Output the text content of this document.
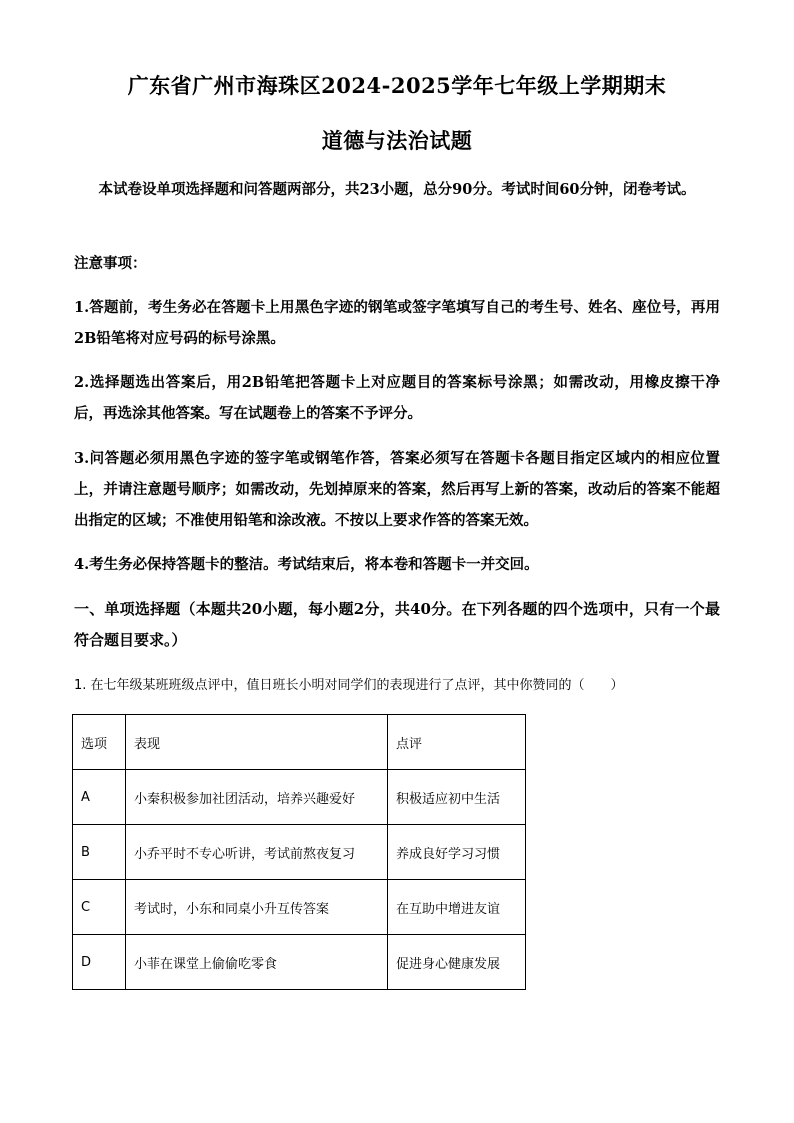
广东省广州市海珠区2024-2025学年七年级上学期期末
道德与法治试题
本试卷设单项选择题和问答题两部分，共23小题，总分90分。考试时间60分钟，闭卷考试。
注意事项：
1.答题前，考生务必在答题卡上用黑色字迹的钢笔或签字笔填写自己的考生号、姓名、座位号，再用2B铅笔将对应号码的标号涂黑。
2.选择题选出答案后，用2B铅笔把答题卡上对应题目的答案标号涂黑；如需改动，用橡皮擦干净后，再选涂其他答案。写在试题卷上的答案不予评分。
3.问答题必须用黑色字迹的签字笔或钢笔作答，答案必须写在答题卡各题目指定区域内的相应位置上，并请注意题号顺序；如需改动，先划掉原来的答案，然后再写上新的答案，改动后的答案不能超出指定的区域；不准使用铅笔和涂改液。不按以上要求作答的答案无效。
4.考生务必保持答题卡的整洁。考试结束后，将本卷和答题卡一并交回。
一、单项选择题（本题共20小题，每小题2分，共40分。在下列各题的四个选项中，只有一个最符合题目要求。）
1. 在七年级某班班级点评中，值日班长小明对同学们的表现进行了点评，其中你赞同的（　　）
选项	表现	点评
A	小秦积极参加社团活动，培养兴趣爱好	积极适应初中生活
B	小乔平时不专心听讲，考试前熬夜复习	养成良好学习习惯
C	考试时，小东和同桌小升互传答案	在互助中增进友谊
D	小菲在课堂上偷偷吃零食	促进身心健康发展
